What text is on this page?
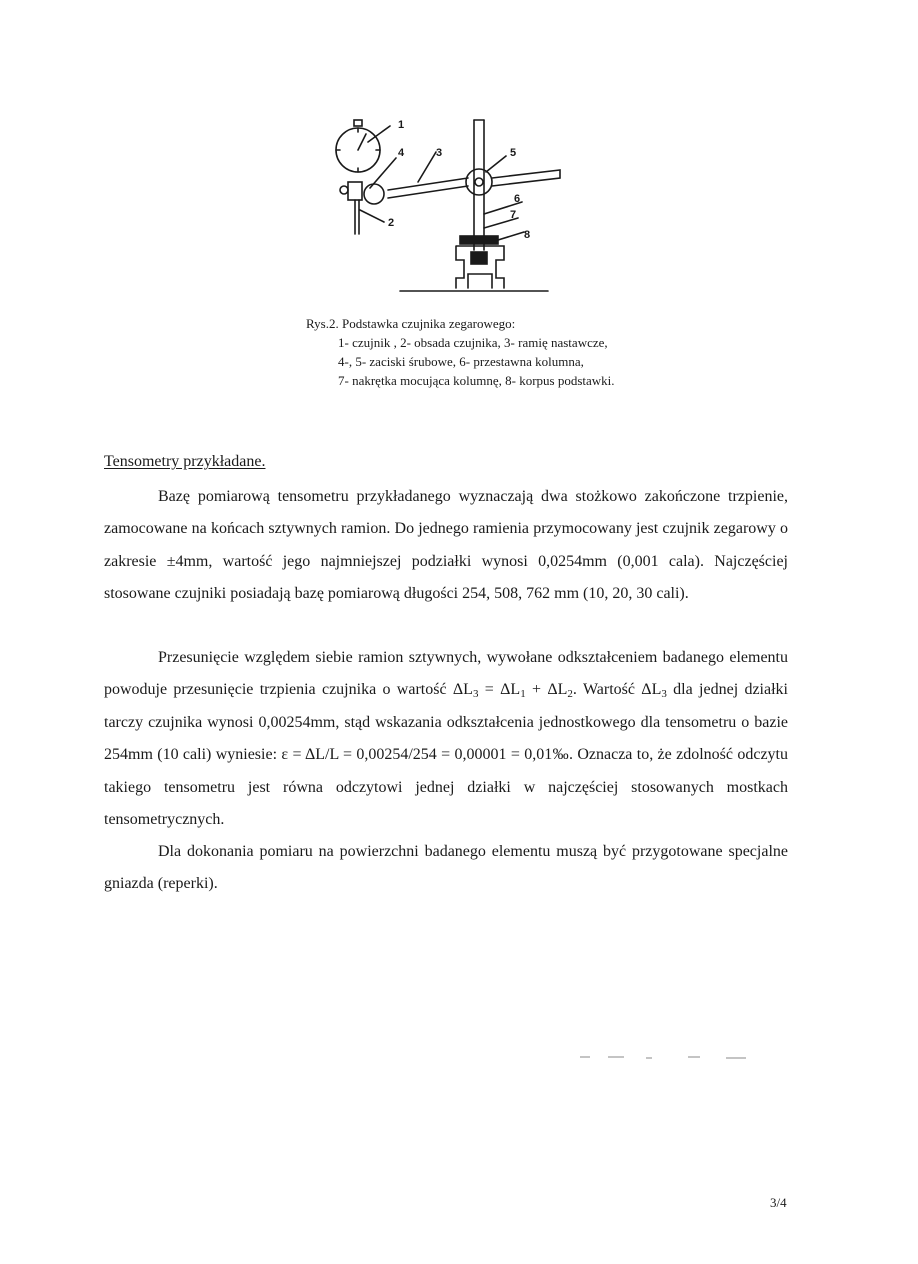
1
2
3
4	5
6
7
8
Rys.2. Podstawka czujnika zegarowego:
1- czujnik , 2- obsada czujnika, 3- ramię nastawcze,
4-, 5- zaciski śrubowe, 6- przestawna kolumna,
7- nakrętka mocująca kolumnę, 8- korpus podstawki.
Tensometry przykładane.

Bazę pomiarową tensometru przykładanego wyznaczają dwa stożkowo zakończone trzpienie, zamocowane na końcach sztywnych ramion. Do jednego ramienia przymocowany jest czujnik zegarowy o zakresie ±4mm, wartość jego najmniejszej podziałki wynosi 0,0254mm (0,001 cala). Najczęściej stosowane czujniki posiadają bazę pomiarową długości 254, 508, 762 mm (10, 20, 30 cali).

Przesunięcie względem siebie ramion sztywnych, wywołane odkształceniem badanego elementu powoduje przesunięcie trzpienia czujnika o wartość $\Delta L_3 = \Delta L_1 + \Delta L_2$. Wartość $\Delta L_3$ dla jednej działki tarczy czujnika wynosi 0,00254mm, stąd wskazania odkształcenia jednostkowego dla tensometru o bazie 254mm (10 cali) wyniesie: ε = ΔL/L = 0,00254/254 = 0,00001 = 0,01‰. Oznacza to, że zdolność odczytu takiego tensometru jest równa odczytowi jednej działki w najczęściej stosowanych mostkach tensometrycznych.

Dla dokonania pomiaru na powierzchni badanego elementu muszą być przygotowane specjalne gniazda (reperki).

3/4
